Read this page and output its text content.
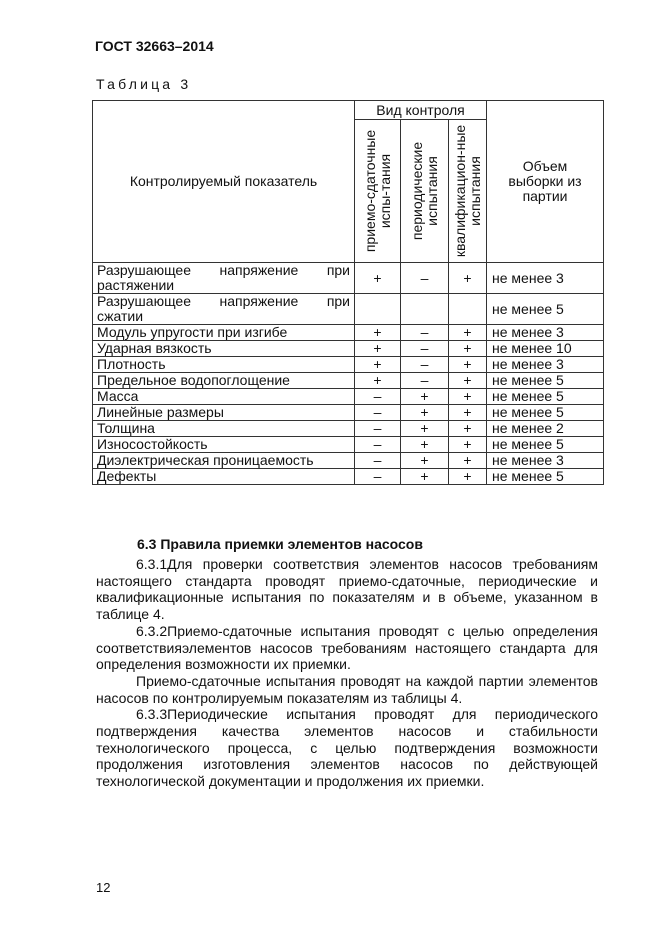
ГОСТ 32663–2014
Таблица 3
Контролируемый показатель	Вид контроля			Объем выборки из партии

	приемо-сдаточные испы-тания	периодические испытания	квалификацион-ные испытания	

Разрушающее напряжение при растяжении	+	–	+	не менее 3
Разрушающее напряжение при сжатии				не менее 5
Модуль упругости при изгибе	+	–	+	не менее 3
Ударная вязкость	+	–	+	не менее 10
Плотность	+	–	+	не менее 3
Предельное водопоглощение	+	–	+	не менее 5
Масса	–	+	+	не менее 5
Линейные размеры	–	+	+	не менее 5
Толщина	–	+	+	не менее 2
Износостойкость	–	+	+	не менее 5
Диэлектрическая проницаемость	–	+	+	не менее 3
Дефекты	–	+	+	не менее 5
6.3 Правила приемки элементов насосов

6.3.1Для проверки соответствия элементов насосов требованиям настоящего стандарта проводят приемо-сдаточные, периодические и квалификационные испытания по показателям и в объеме, указанном в таблице 4.

6.3.2Приемо-сдаточные испытания проводят с целью определения соответствияэлементов насосов требованиям настоящего стандарта для определения возможности их приемки.

Приемо-сдаточные испытания проводят на каждой партии элементов насосов по контролируемым показателям из таблицы 4.

6.3.3Периодические испытания проводят для периодического подтверждения качества элементов насосов и стабильности технологического процесса, с целью подтверждения возможности продолжения изготовления элементов насосов по действующей технологической документации и продолжения их приемки.

12
